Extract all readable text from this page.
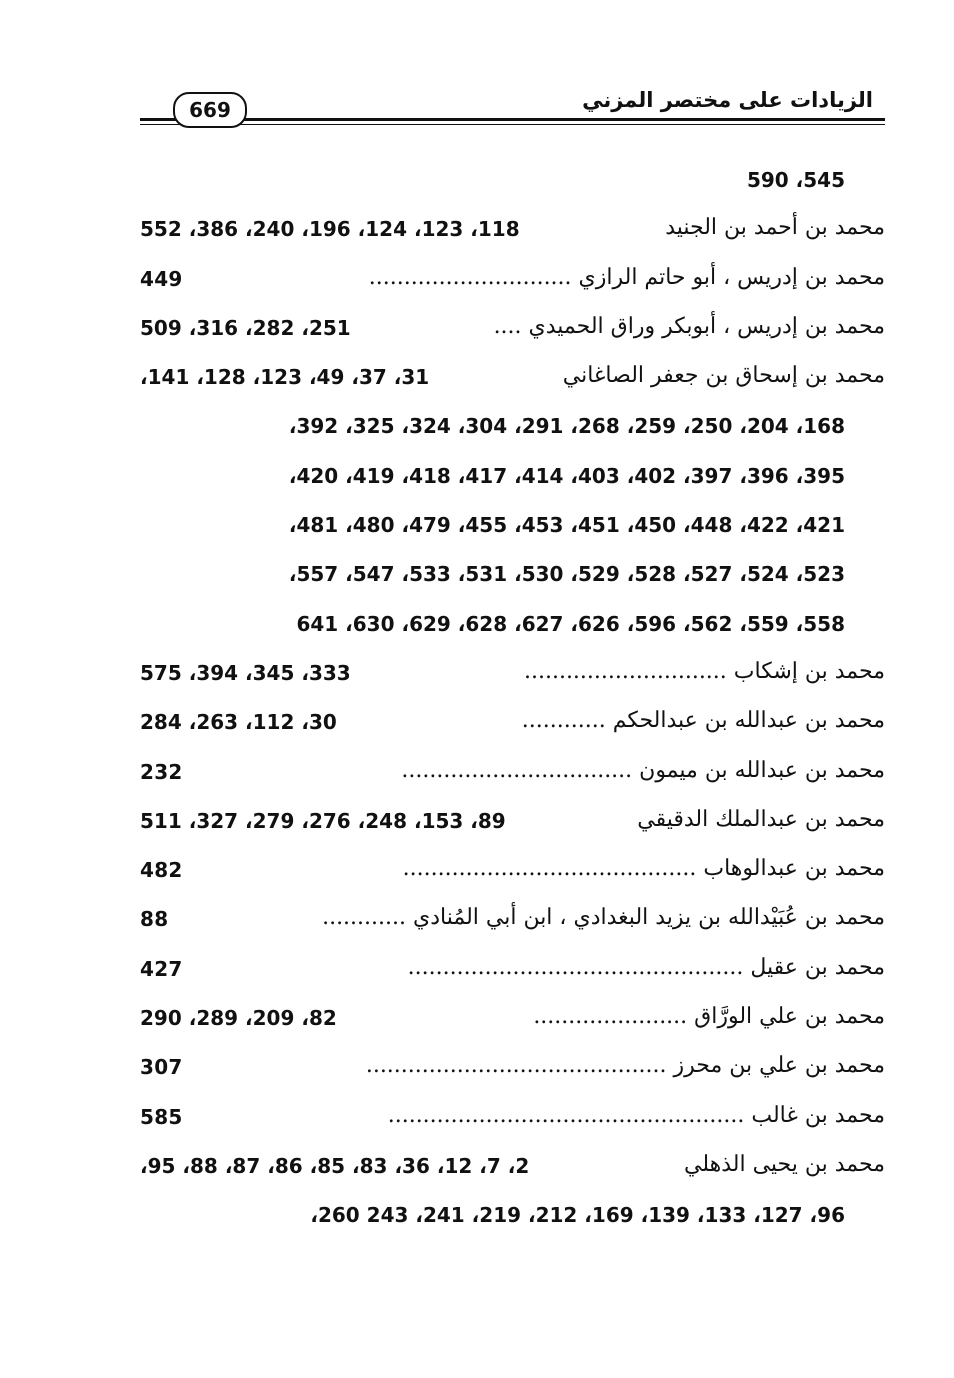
الزيادات على مختصر المزني
669
545، 590
محمد بن أحمد بن الجنيد
118، 123، 124، 196، 240، 386، 552
محمد بن إدريس ، أبو حاتم الرازي .............................
449
محمد بن إدريس ، أبوبكر وراق الحميدي ....
251، 282، 316، 509
محمد بن إسحاق بن جعفر الصاغاني
31، 37، 49، 123، 128، 141،
168، 204، 250، 259، 268، 291، 304، 324، 325، 392،
395، 396، 397، 402، 403، 414، 417، 418، 419، 420،
421، 422، 448، 450، 451، 453، 455، 479، 480، 481،
523، 524، 527، 528، 529، 530، 531، 533، 547، 557،
558، 559، 562، 596، 626، 627، 628، 629، 630، 641
محمد بن إشكاب .............................
333، 345، 394، 575
محمد بن عبدالله بن عبدالحكم ............
30، 112، 263، 284
محمد بن عبدالله بن ميمون .................................
232
محمد بن عبدالملك الدقيقي
89، 153، 248، 276، 279، 327، 511
محمد بن عبدالوهاب ..........................................
482
محمد بن عُبَيْدالله بن يزيد البغدادي ، ابن أبي المُنادي ............
88
محمد بن عقيل ................................................
427
محمد بن علي الورَّاق ......................
82، 209، 289، 290
محمد بن علي بن محرز ...........................................
307
محمد بن غالب ...................................................
585
محمد بن يحيى الذهلي
2، 7، 12، 36، 83، 85، 86، 87، 88، 95،
96، 127، 133، 139، 169، 212، 219، 241، 243 260،
